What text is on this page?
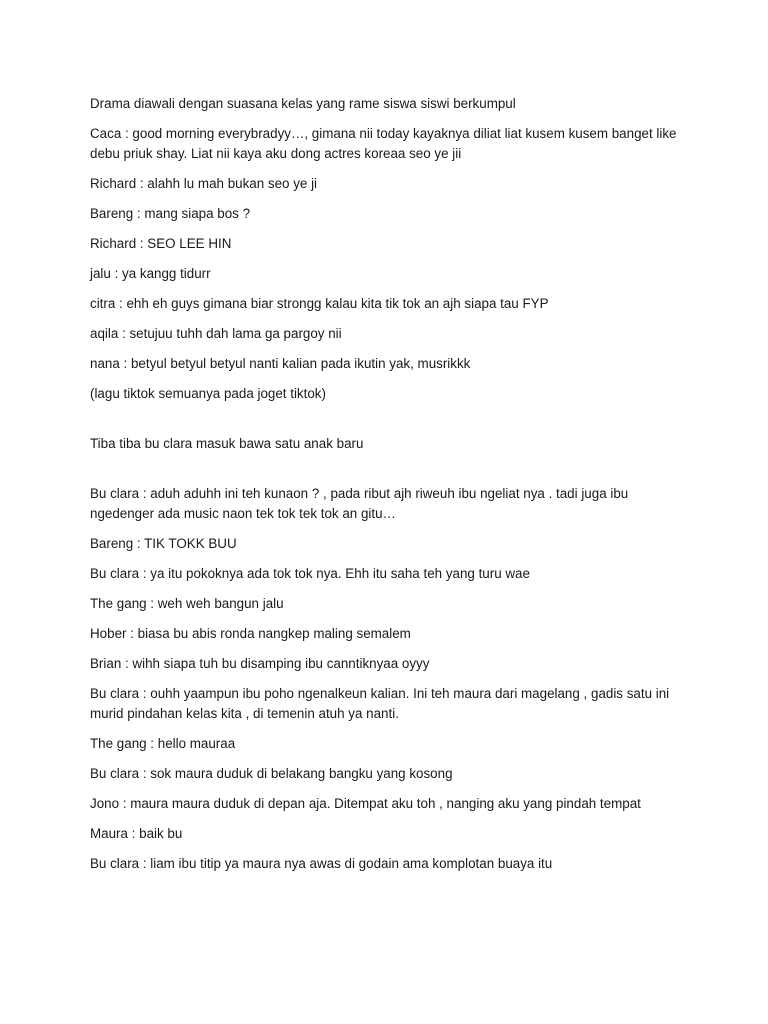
Drama diawali dengan suasana kelas yang rame siswa siswi berkumpul

Caca : good morning everybradyy…, gimana nii today kayaknya diliat liat kusem kusem banget like debu priuk shay. Liat nii kaya aku dong actres koreaa seo ye jii

Richard : alahh lu mah bukan seo ye ji

Bareng : mang siapa bos ?

Richard : SEO LEE HIN

jalu : ya kangg tidurr

citra : ehh eh guys gimana biar strongg kalau kita tik tok an ajh siapa tau FYP

aqila : setujuu tuhh dah lama ga pargoy nii

nana : betyul betyul betyul nanti kalian pada ikutin yak, musrikkk

(lagu tiktok semuanya pada joget tiktok)

Tiba tiba bu clara masuk bawa satu anak baru

Bu clara : aduh aduhh ini teh kunaon ? , pada ribut ajh riweuh ibu ngeliat nya . tadi juga ibu ngedenger ada music naon tek tok tek tok an gitu…

Bareng : TIK TOKK BUU

Bu clara : ya itu pokoknya ada tok tok nya. Ehh itu saha teh yang turu wae

The gang : weh weh bangun jalu

Hober : biasa bu abis ronda nangkep maling semalem

Brian : wihh siapa tuh bu disamping ibu canntiknyaa oyyy

Bu clara : ouhh yaampun ibu poho ngenalkeun kalian. Ini teh maura dari magelang , gadis satu ini murid pindahan kelas kita , di temenin atuh ya nanti.

The gang : hello mauraa

Bu clara : sok maura duduk di belakang bangku yang kosong

Jono : maura maura duduk di depan aja. Ditempat aku toh , nanging aku yang pindah tempat

Maura : baik bu

Bu clara : liam ibu titip ya maura nya awas di godain ama komplotan buaya itu
